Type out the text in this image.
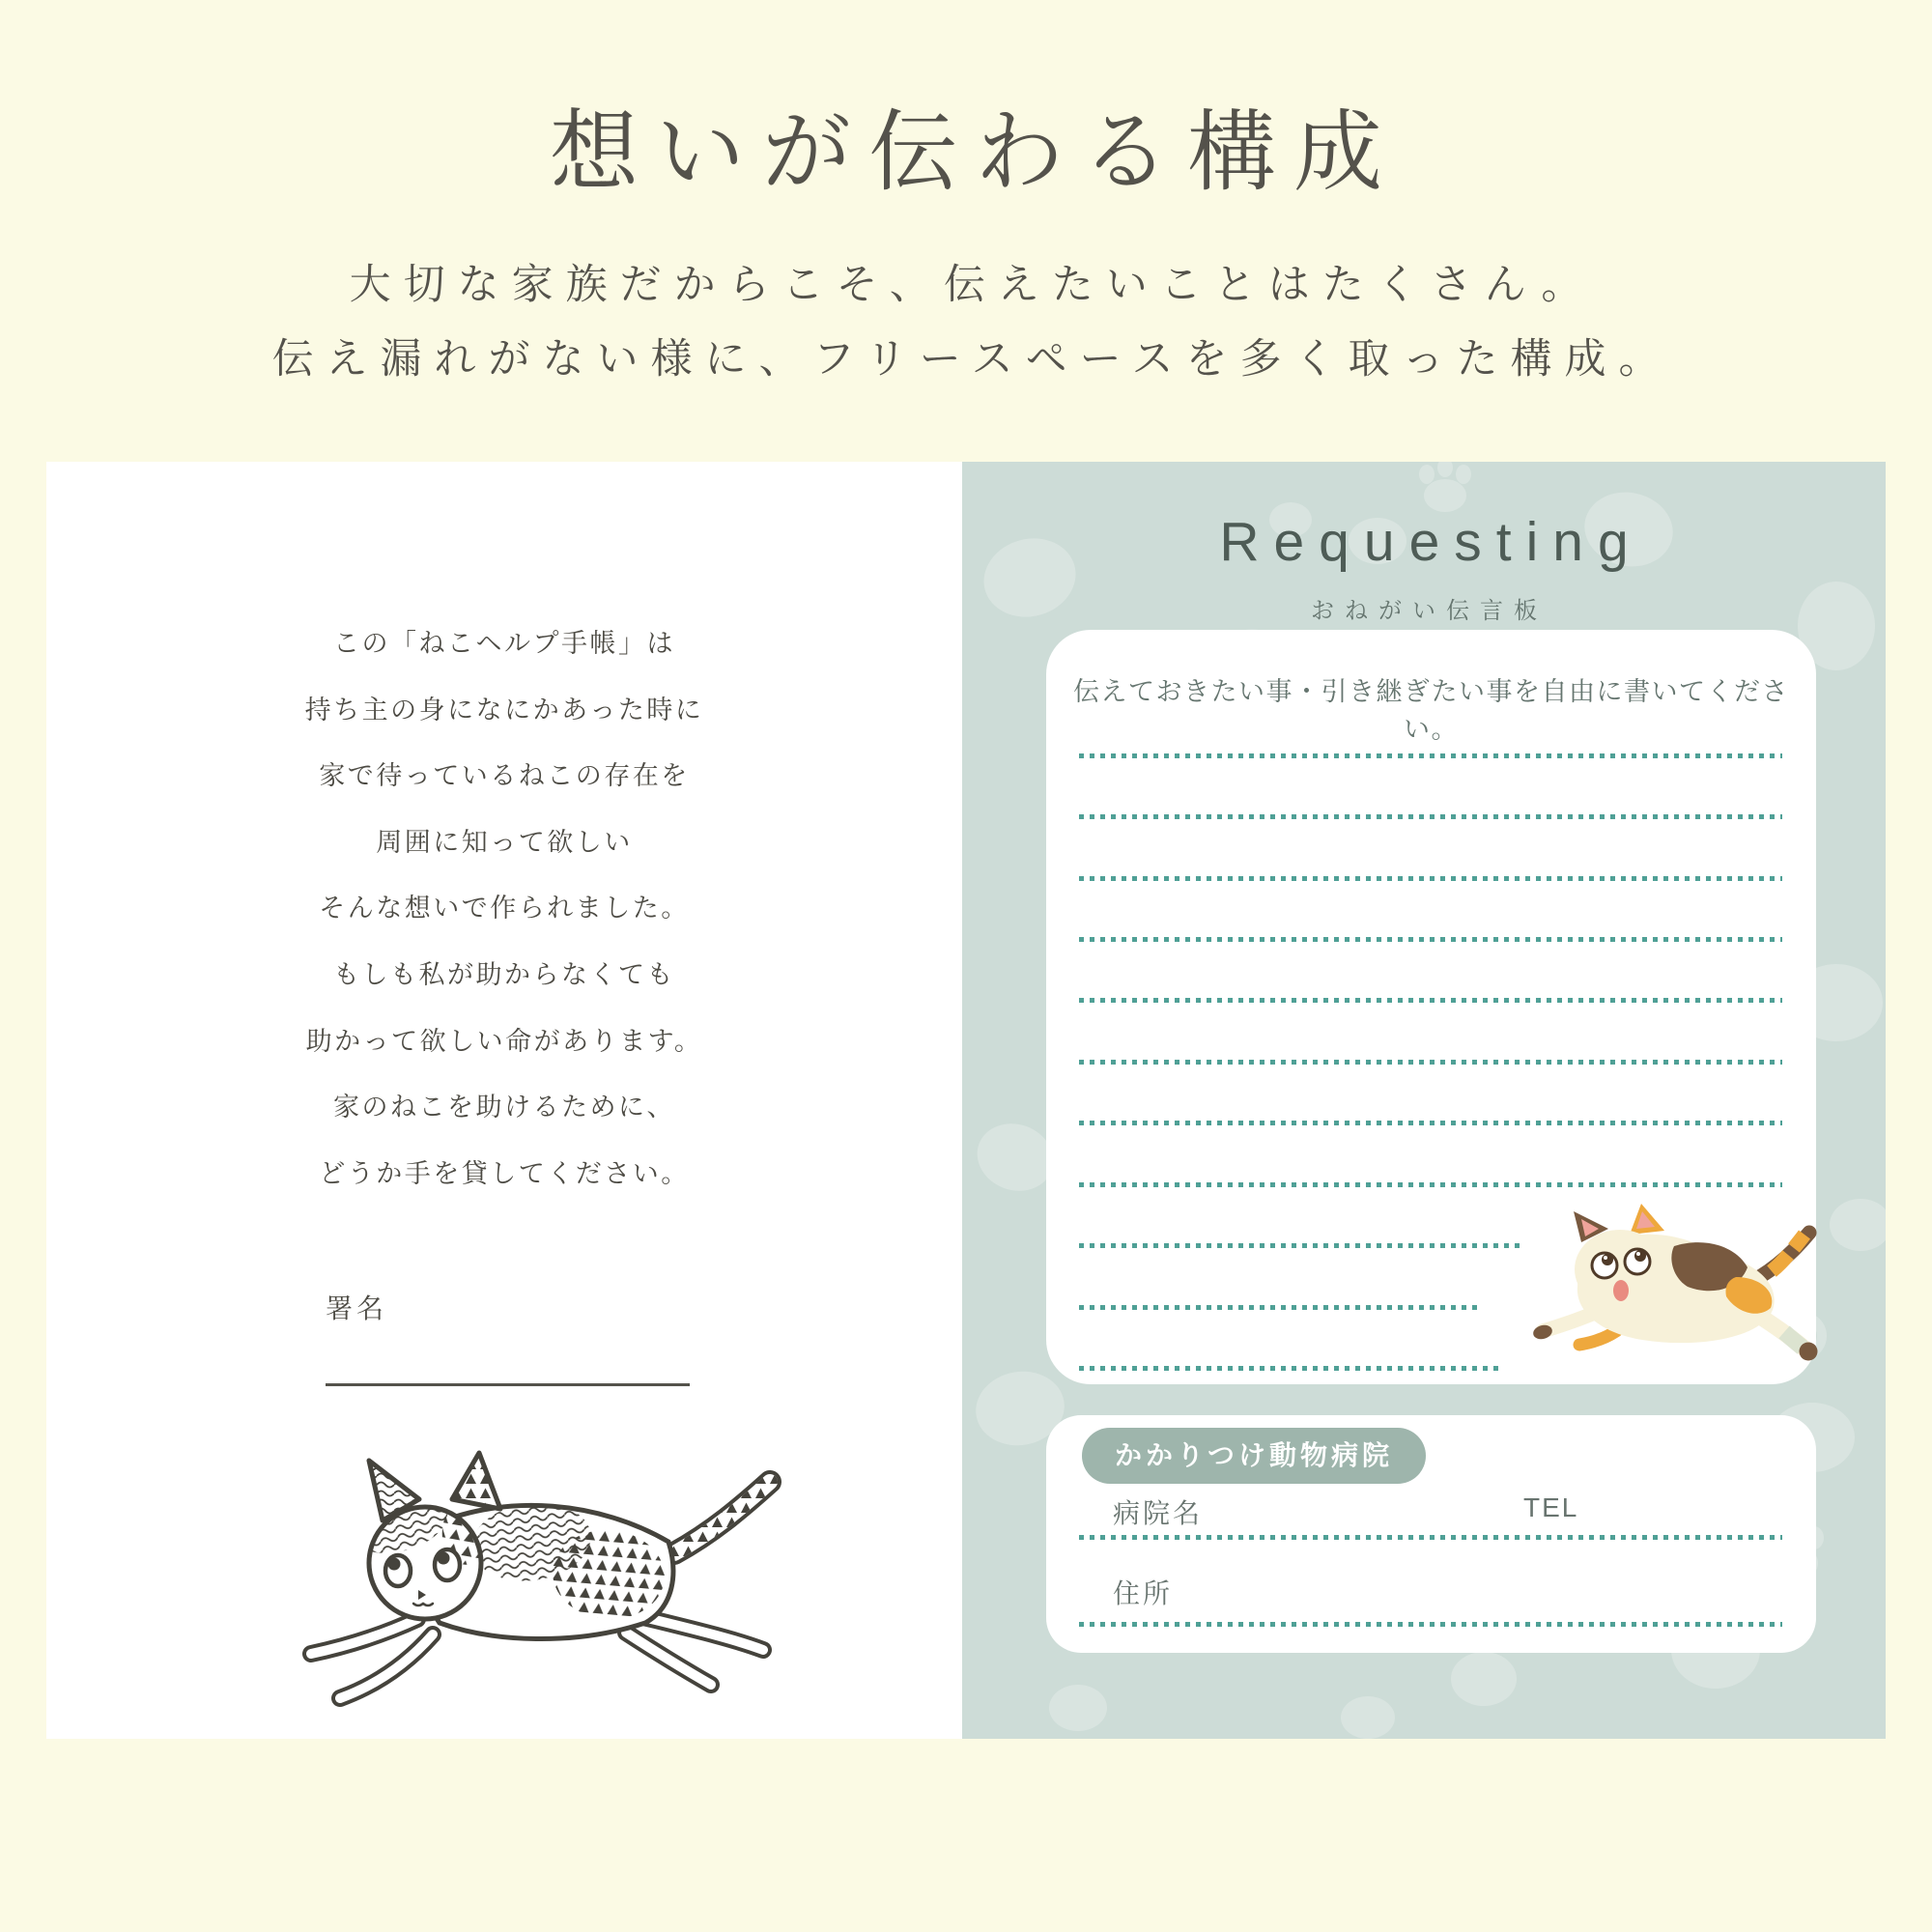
想いが伝わる構成

大切な家族だからこそ、伝えたいことはたくさん。

伝え漏れがない様に、フリースペースを多く取った構成。

この「ねこヘルプ手帳」は
持ち主の身になにかあった時に
家で待っているねこの存在を
周囲に知って欲しい
そんな想いで作られました。
もしも私が助からなくても
助かって欲しい命があります。
家のねこを助けるために、
どうか手を貸してください。
署名
Requesting
おねがい伝言板
伝えておきたい事・引き継ぎたい事を自由に書いてください。
かかりつけ動物病院
病院名	TEL
住所
